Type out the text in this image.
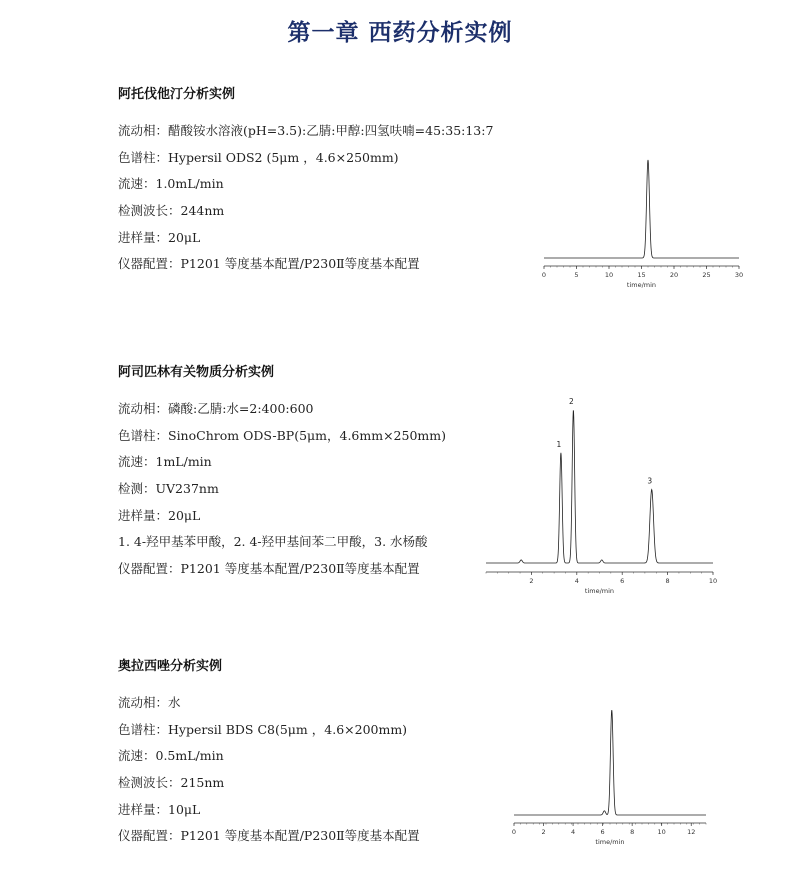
第一章 西药分析实例
阿托伐他汀分析实例
流动相：醋酸铵水溶液(pH=3.5):乙腈:甲醇:四氢呋喃=45:35:13:7
色谱柱：Hypersil ODS2 (5μm ，4.6×250mm)
流速：1.0mL/min
检测波长：244nm
进样量：20μL
仪器配置：P1201 等度基本配置/P230Ⅱ等度基本配置
阿司匹林有关物质分析实例
流动相：磷酸:乙腈:水=2:400:600
色谱柱：SinoChrom ODS-BP(5μm，4.6mm×250mm)
流速：1mL/min
检测：UV237nm
进样量：20μL
1. 4-羟甲基苯甲酸，2. 4-羟甲基间苯二甲酸，3. 水杨酸
仪器配置：P1201 等度基本配置/P230Ⅱ等度基本配置
奥拉西唑分析实例
流动相：水
色谱柱：Hypersil BDS C8(5μm ，4.6×200mm)
流速：0.5mL/min
检测波长：215nm
进样量：10μL
仪器配置：P1201 等度基本配置/P230Ⅱ等度基本配置
0	5	10	15	20	25	30
time/min
2	4	6	8	10
time/min
1
2
3
0	2	4	6	8	10	12
time/min
